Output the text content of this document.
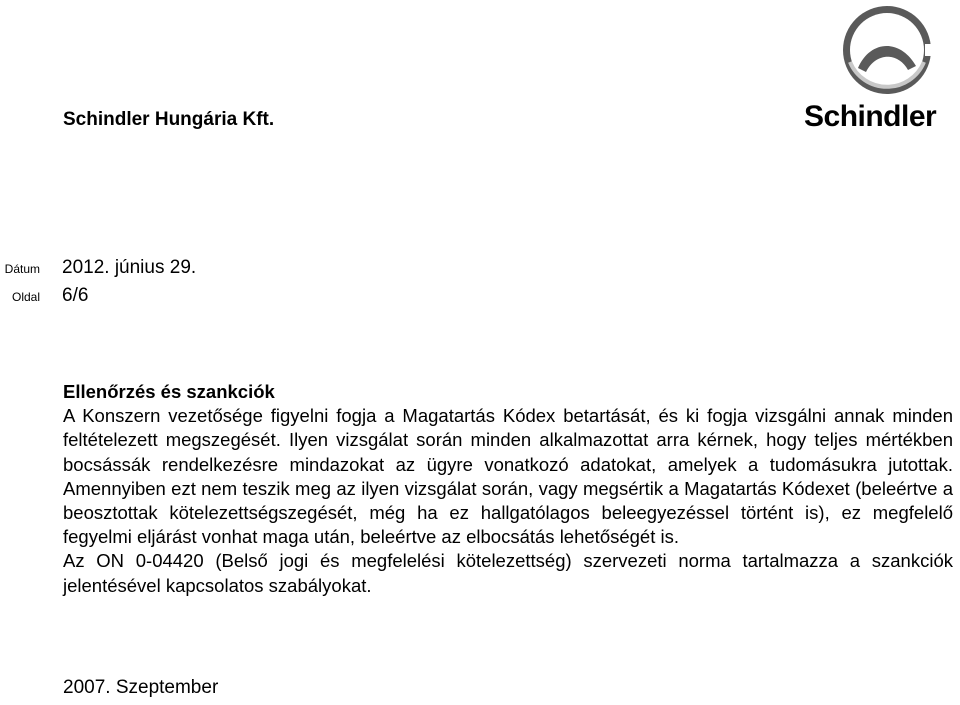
Schindler Hungária Kft.	Schindler
Dátum 2012. június 29.
Oldal 6/6

Ellenőrzés és szankciók

A Konszern vezetősége figyelni fogja a Magatartás Kódex betartását, és ki fogja vizsgálni annak minden feltételezett megszegését. Ilyen vizsgálat során minden alkalmazottat arra kérnek, hogy teljes mértékben bocsássák rendelkezésre mindazokat az ügyre vonatkozó adatokat, amelyek a tudomásukra jutottak. Amennyiben ezt nem teszik meg az ilyen vizsgálat során, vagy megsértik a Magatartás Kódexet (beleértve a beosztottak kötelezettségszegését, még ha ez hallgatólagos beleegyezéssel történt is), ez megfelelő fegyelmi eljárást vonhat maga után, beleértve az elbocsátás lehetőségét is.

Az ON 0-04420 (Belső jogi és megfelelési kötelezettség) szervezeti norma tartalmazza a szankciók jelentésével kapcsolatos szabályokat.

2007. Szeptember
